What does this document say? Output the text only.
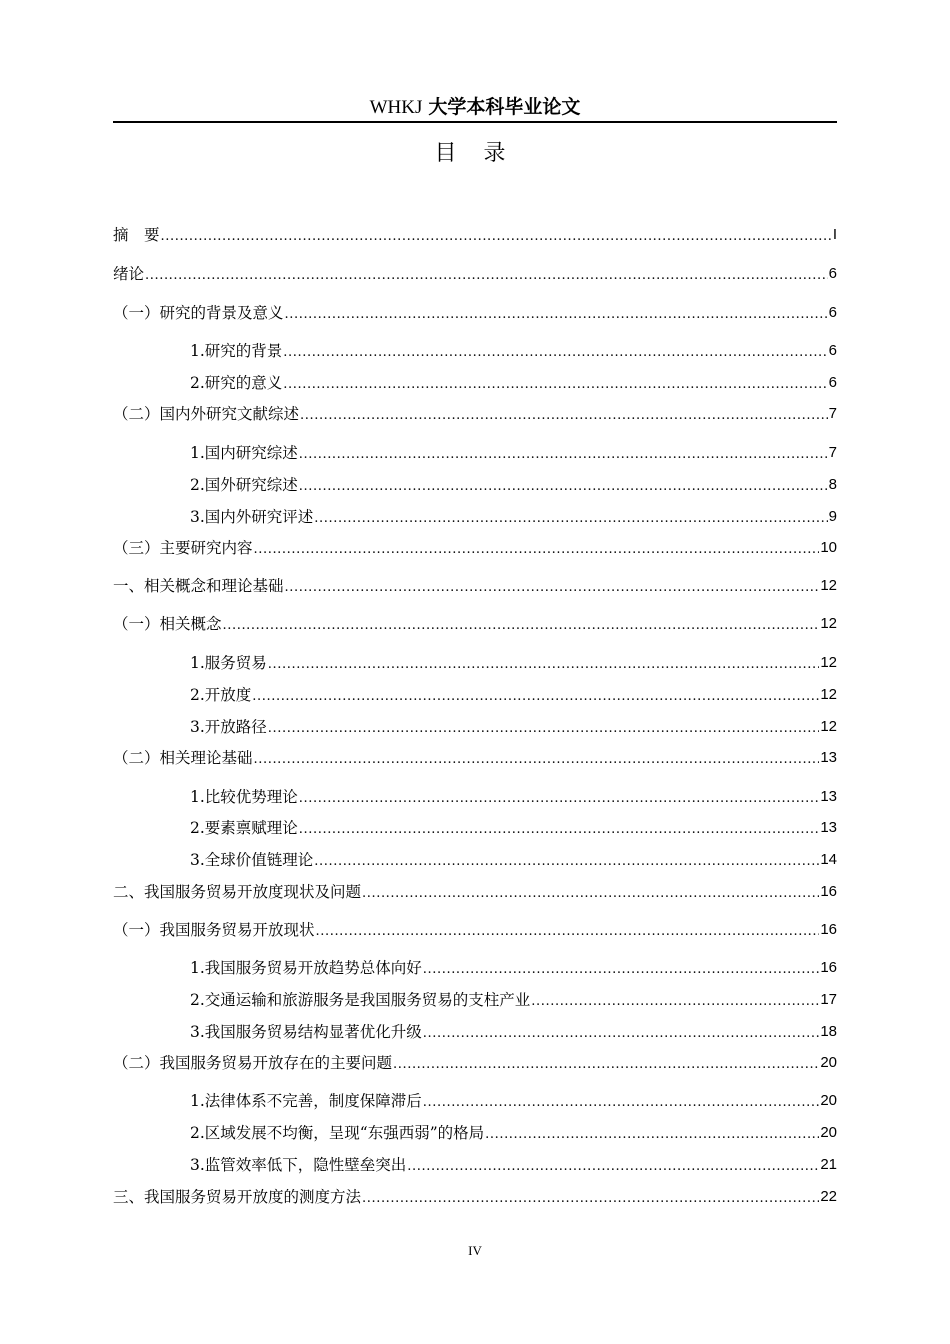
WHKJ 大学本科毕业论文
目 录
摘　要 .....	I
绪论 .....	6
（一）研究的背景及意义 .....	6
1.研究的背景 .....	6
2.研究的意义 .....	6
（二）国内外研究文献综述 .....	7
1.国内研究综述 .....	7
2.国外研究综述 .....	8
3.国内外研究评述 .....	9
（三）主要研究内容 .....	10
一、相关概念和理论基础 .....	12
（一）相关概念 .....	12
1.服务贸易 .....	12
2.开放度 .....	12
3.开放路径 .....	12
（二）相关理论基础 .....	13
1.比较优势理论 .....	13
2.要素禀赋理论 .....	13
3.全球价值链理论 .....	14
二、我国服务贸易开放度现状及问题 .....	16
（一）我国服务贸易开放现状 .....	16
1.我国服务贸易开放趋势总体向好 .....	16
2.交通运输和旅游服务是我国服务贸易的支柱产业 .....	17
3.我国服务贸易结构显著优化升级 .....	18
（二）我国服务贸易开放存在的主要问题 .....	20
1.法律体系不完善，制度保障滞后 .....	20
2.区域发展不均衡，呈现“东强西弱”的格局 .....	20
3.监管效率低下，隐性壁垒突出 .....	21
三、我国服务贸易开放度的测度方法 .....	22
IV
